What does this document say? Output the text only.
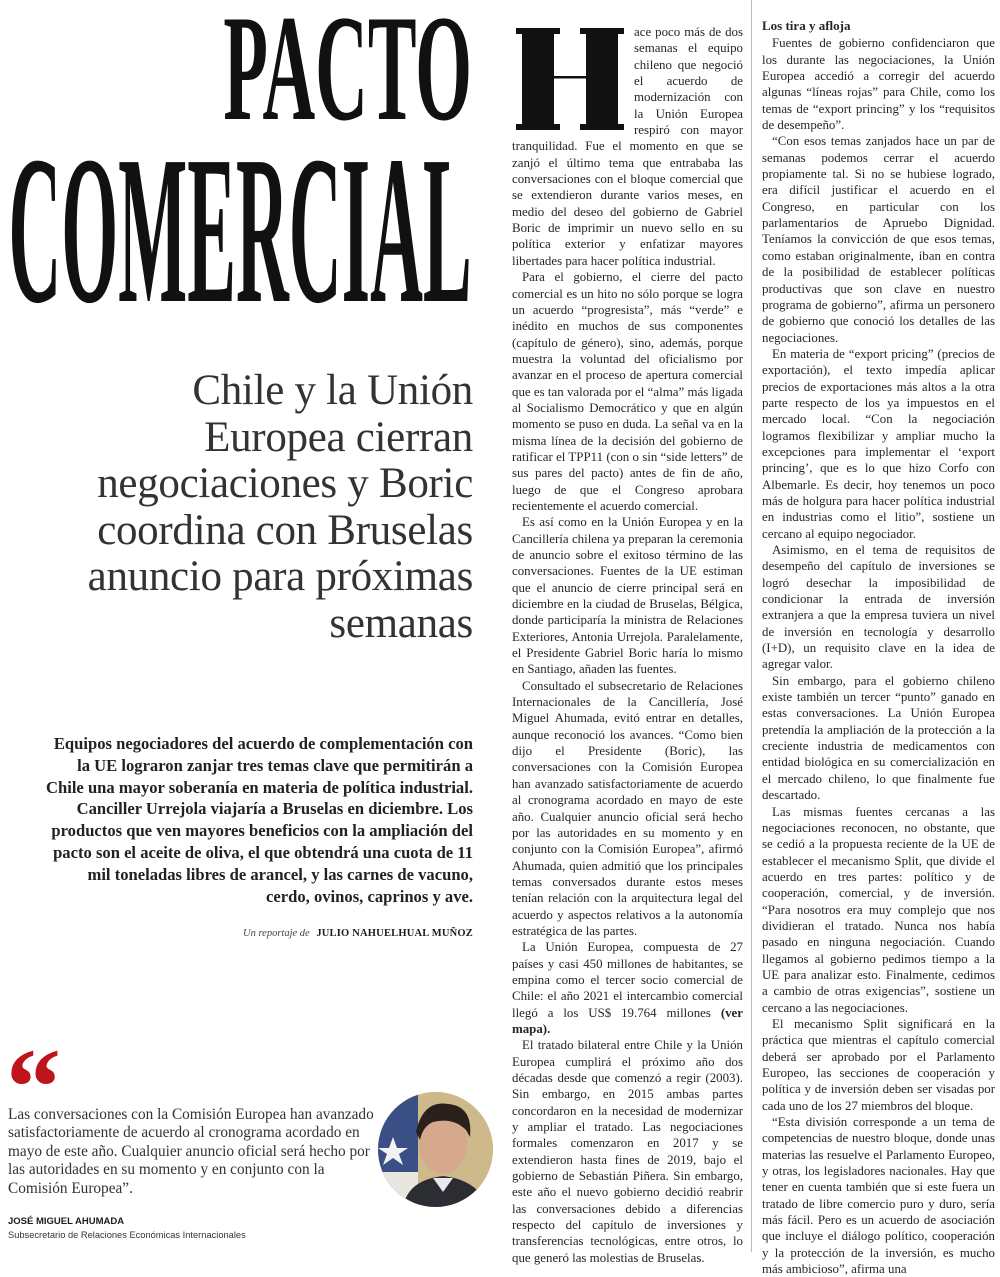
PACTO
COMERCIAL
Chile y la Unión Europea cierran negociaciones y Boric coordina con Bruselas anuncio para próximas semanas
Equipos negociadores del acuerdo de complementación con la UE lograron zanjar tres temas clave que permitirán a Chile una mayor soberanía en materia de política industrial. Canciller Urrejola viajaría a Bruselas en diciembre. Los productos que ven mayores beneficios con la ampliación del pacto son el aceite de oliva, el que obtendrá una cuota de 11 mil toneladas libres de arancel, y las carnes de vacuno, cerdo, ovinos, caprinos y ave.
Un reportaje de JULIO NAHUELHUAL MUÑOZ
“
Las conversaciones con la Comisión Europea han avanzado satisfactoriamente de acuerdo al cronograma acordado en mayo de este año. Cualquier anuncio oficial será hecho por las autoridades en su momento y en conjunto con la Comisión Europea”.
JOSÉ MIGUEL AHUMADA
Subsecretario de Relaciones Económicas Internacionales

ace poco más de dos semanas el equipo chileno que negoció el acuerdo de modernización con la Unión Europea respiró con mayor tranquilidad. Fue el momento en que se zanjó el último tema que entrababa las conversaciones con el bloque comercial que se extendieron durante varios meses, en medio del deseo del gobierno de Gabriel Boric de imprimir un nuevo sello en su política exterior y enfatizar mayores libertades para hacer política industrial.

Para el gobierno, el cierre del pacto comercial es un hito no sólo porque se logra un acuerdo “progresista”, más “verde” e inédito en muchos de sus componentes (capítulo de género), sino, además, porque muestra la voluntad del oficialismo por avanzar en el proceso de apertura comercial que es tan valorada por el “alma” más ligada al Socialismo Democrático y que en algún momento se puso en duda. La señal va en la misma línea de la decisión del gobierno de ratificar el TPP11 (con o sin “side letters” de sus pares del pacto) antes de fin de año, luego de que el Congreso aprobara recientemente el acuerdo comercial.

Es así como en la Unión Europea y en la Cancillería chilena ya preparan la ceremonia de anuncio sobre el exitoso término de las conversaciones. Fuentes de la UE estiman que el anuncio de cierre principal será en diciembre en la ciudad de Bruselas, Bélgica, donde participaría la ministra de Relaciones Exteriores, Antonia Urrejola. Paralelamente, el Presidente Gabriel Boric haría lo mismo en Santiago, añaden las fuentes.

Consultado el subsecretario de Relaciones Internacionales de la Cancillería, José Miguel Ahumada, evitó entrar en detalles, aunque reconoció los avances. “Como bien dijo el Presidente (Boric), las conversaciones con la Comisión Europea han avanzado satisfactoriamente de acuerdo al cronograma acordado en mayo de este año. Cualquier anuncio oficial será hecho por las autoridades en su momento y en conjunto con la Comisión Europea”, afirmó Ahumada, quien admitió que los principales temas conversados durante estos meses tenían relación con la arquitectura legal del acuerdo y aspectos relativos a la autonomía estratégica de las partes.

La Unión Europea, compuesta de 27 países y casi 450 millones de habitantes, se empina como el tercer socio comercial de Chile: el año 2021 el intercambio comercial llegó a los US$ 19.764 millones (ver mapa).

El tratado bilateral entre Chile y la Unión Europea cumplirá el próximo año dos décadas desde que comenzó a regir (2003). Sin embargo, en 2015 ambas partes concordaron en la necesidad de modernizar y ampliar el tratado. Las negociaciones formales comenzaron en 2017 y se extendieron hasta fines de 2019, bajo el gobierno de Sebastián Piñera. Sin embargo, este año el nuevo gobierno decidió reabrir las conversaciones debido a diferencias respecto del capítulo de inversiones y transferencias tecnológicas, entre otros, lo que generó las molestias de Bruselas.

Los tira y afloja

Fuentes de gobierno confidenciaron que los durante las negociaciones, la Unión Europea accedió a corregir del acuerdo algunas “líneas rojas” para Chile, como los temas de “export princing” y los “requisitos de desempeño”.

“Con esos temas zanjados hace un par de semanas podemos cerrar el acuerdo propiamente tal. Si no se hubiese logrado, era difícil justificar el acuerdo en el Congreso, en particular con los parlamentarios de Apruebo Dignidad. Teníamos la convicción de que esos temas, como estaban originalmente, iban en contra de la posibilidad de establecer políticas productivas que son clave en nuestro programa de gobierno”, afirma un personero de gobierno que conoció los detalles de las negociaciones.

En materia de “export pricing” (precios de exportación), el texto impedía aplicar precios de exportaciones más altos a la otra parte respecto de los ya impuestos en el mercado local. “Con la negociación logramos flexibilizar y ampliar mucho la excepciones para implementar el ‘export princing’, que es lo que hizo Corfo con Albemarle. Es decir, hoy tenemos un poco más de holgura para hacer política industrial en industrias como el litio”, sostiene un cercano al equipo negociador.

Asimismo, en el tema de requisitos de desempeño del capítulo de inversiones se logró desechar la imposibilidad de condicionar la entrada de inversión extranjera a que la empresa tuviera un nivel de inversión en tecnología y desarrollo (I+D), un requisito clave en la idea de agregar valor.

Sin embargo, para el gobierno chileno existe también un tercer “punto” ganado en estas conversaciones. La Unión Europea pretendía la ampliación de la protección a la creciente industria de medicamentos con entidad biológica en su comercialización en el mercado chileno, lo que finalmente fue descartado.

Las mismas fuentes cercanas a las negociaciones reconocen, no obstante, que se cedió a la propuesta reciente de la UE de establecer el mecanismo Split, que divide el acuerdo en tres partes: político y de cooperación, comercial, y de inversión. “Para nosotros era muy complejo que nos dividieran el tratado. Nunca nos había pasado en ninguna negociación. Cuando llegamos al gobierno pedimos tiempo a la UE para analizar esto. Finalmente, cedimos a cambio de otras exigencias”, sostiene un cercano a las negociaciones.

El mecanismo Split significará en la práctica que mientras el capítulo comercial deberá ser aprobado por el Parlamento Europeo, las secciones de cooperación y política y de inversión deben ser visadas por cada uno de los 27 miembros del bloque.

“Esta división corresponde a un tema de competencias de nuestro bloque, donde unas materias las resuelve el Parlamento Europeo, y otras, los legisladores nacionales. Hay que tener en cuenta también que si este fuera un tratado de libre comercio puro y duro, sería más fácil. Pero es un acuerdo de asociación que incluye el diálogo político, cooperación y la protección de la inversión, es mucho más ambicioso”, afirma una
